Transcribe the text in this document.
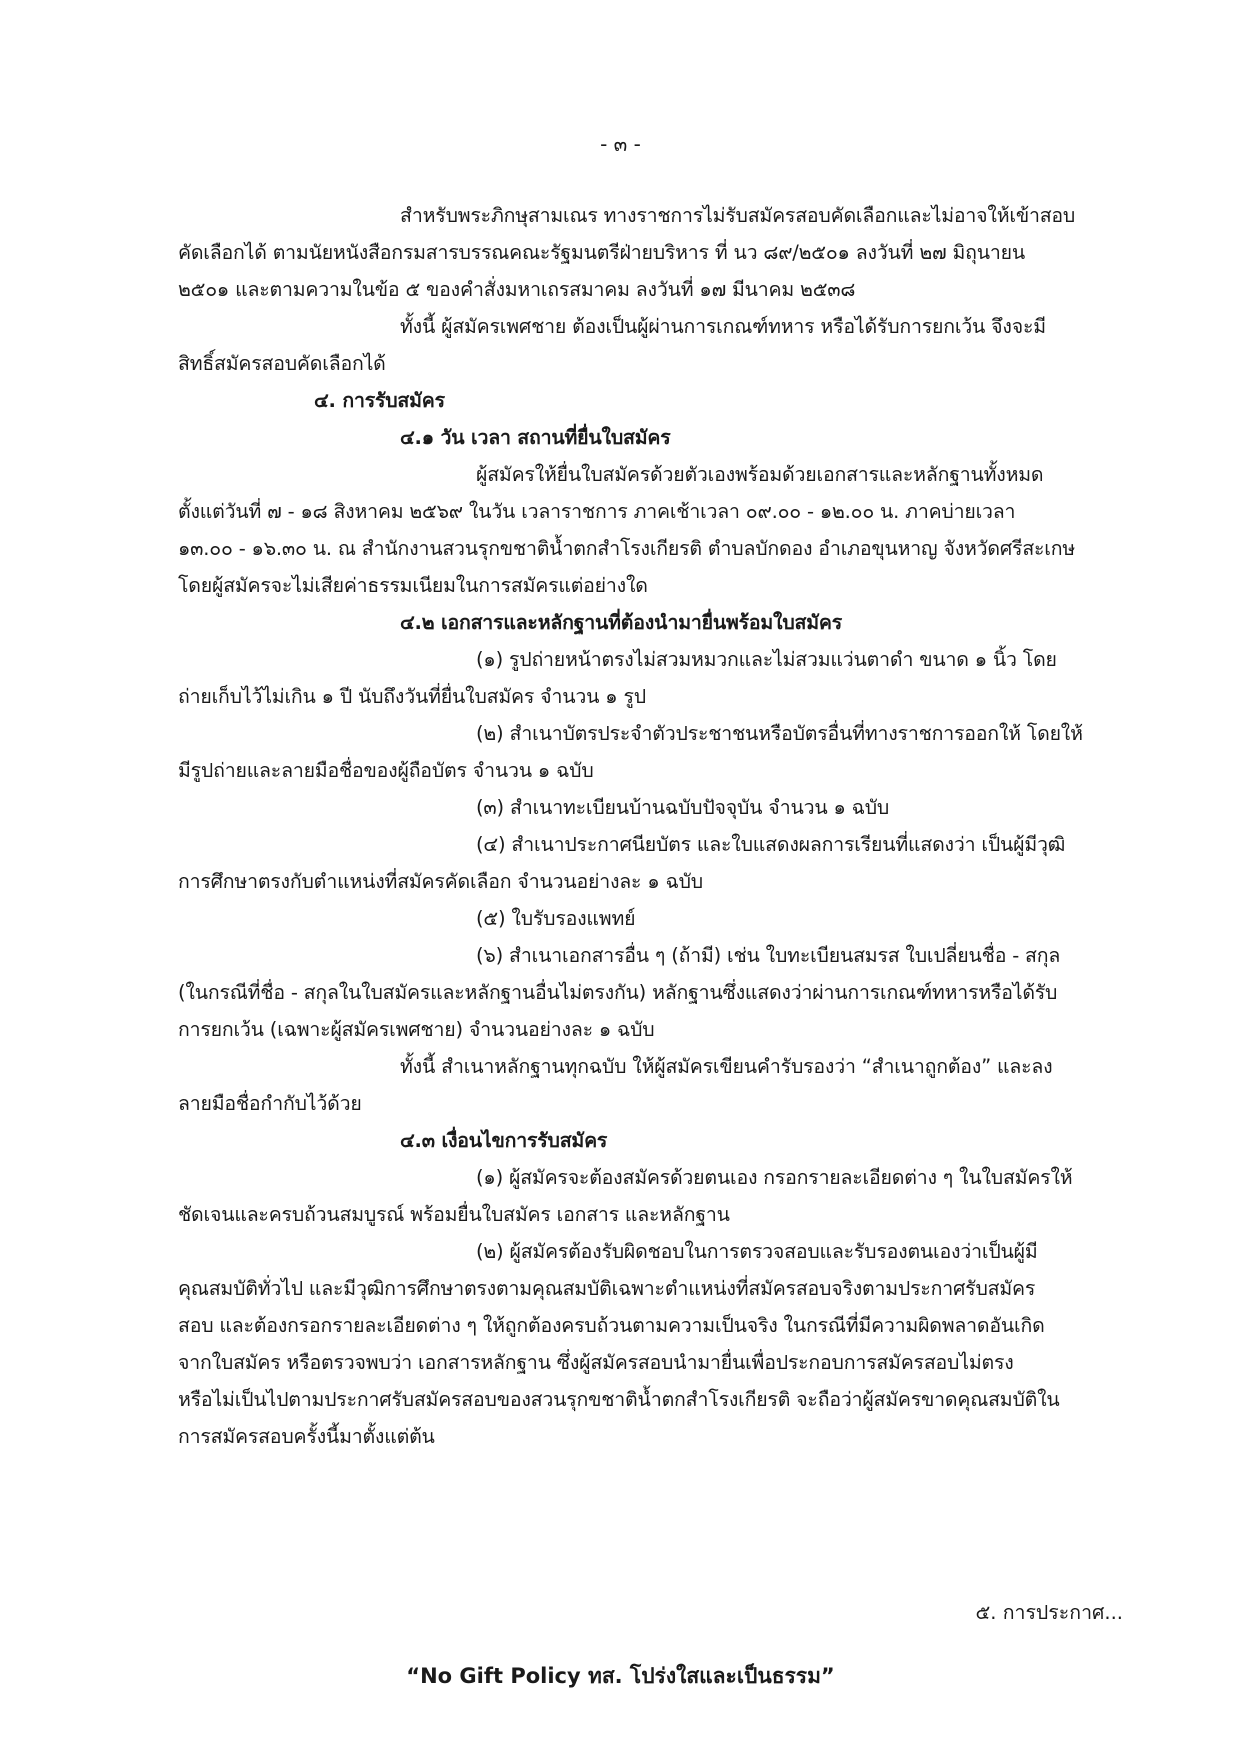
- ๓ -

สำหรับพระภิกษุสามเณร ทางราชการไม่รับสมัครสอบคัดเลือกและไม่อาจให้เข้าสอบ

คัดเลือกได้ ตามนัยหนังสือกรมสารบรรณคณะรัฐมนตรีฝ่ายบริหาร ที่ นว ๘๙/๒๕๐๑ ลงวันที่ ๒๗ มิถุนายน

๒๕๐๑ และตามความในข้อ ๕ ของคำสั่งมหาเถรสมาคม ลงวันที่ ๑๗ มีนาคม ๒๕๓๘

ทั้งนี้ ผู้สมัครเพศชาย ต้องเป็นผู้ผ่านการเกณฑ์ทหาร หรือได้รับการยกเว้น จึงจะมี

สิทธิ์สมัครสอบคัดเลือกได้

๔. การรับสมัคร

๔.๑ วัน เวลา สถานที่ยื่นใบสมัคร

ผู้สมัครให้ยื่นใบสมัครด้วยตัวเองพร้อมด้วยเอกสารและหลักฐานทั้งหมด

ตั้งแต่วันที่ ๗ - ๑๘ สิงหาคม ๒๕๖๙ ในวัน เวลาราชการ ภาคเช้าเวลา ๐๙.๐๐ - ๑๒.๐๐ น. ภาคบ่ายเวลา

๑๓.๐๐ - ๑๖.๓๐ น. ณ สำนักงานสวนรุกขชาติน้ำตกสำโรงเกียรติ ตำบลบักดอง อำเภอขุนหาญ จังหวัดศรีสะเกษ

โดยผู้สมัครจะไม่เสียค่าธรรมเนียมในการสมัครแต่อย่างใด

๔.๒ เอกสารและหลักฐานที่ต้องนำมายื่นพร้อมใบสมัคร

(๑) รูปถ่ายหน้าตรงไม่สวมหมวกและไม่สวมแว่นตาดำ ขนาด ๑ นิ้ว โดย

ถ่ายเก็บไว้ไม่เกิน ๑ ปี นับถึงวันที่ยื่นใบสมัคร จำนวน ๑ รูป

(๒) สำเนาบัตรประจำตัวประชาชนหรือบัตรอื่นที่ทางราชการออกให้ โดยให้

มีรูปถ่ายและลายมือชื่อของผู้ถือบัตร จำนวน ๑ ฉบับ

(๓) สำเนาทะเบียนบ้านฉบับปัจจุบัน จำนวน ๑ ฉบับ

(๔) สำเนาประกาศนียบัตร และใบแสดงผลการเรียนที่แสดงว่า เป็นผู้มีวุฒิ

การศึกษาตรงกับตำแหน่งที่สมัครคัดเลือก จำนวนอย่างละ ๑ ฉบับ

(๕) ใบรับรองแพทย์

(๖) สำเนาเอกสารอื่น ๆ (ถ้ามี) เช่น ใบทะเบียนสมรส ใบเปลี่ยนชื่อ - สกุล

(ในกรณีที่ชื่อ - สกุลในใบสมัครและหลักฐานอื่นไม่ตรงกัน) หลักฐานซึ่งแสดงว่าผ่านการเกณฑ์ทหารหรือได้รับ

การยกเว้น (เฉพาะผู้สมัครเพศชาย) จำนวนอย่างละ ๑ ฉบับ

ทั้งนี้ สำเนาหลักฐานทุกฉบับ ให้ผู้สมัครเขียนคำรับรองว่า “สำเนาถูกต้อง” และลง

ลายมือชื่อกำกับไว้ด้วย

๔.๓ เงื่อนไขการรับสมัคร

(๑) ผู้สมัครจะต้องสมัครด้วยตนเอง กรอกรายละเอียดต่าง ๆ ในใบสมัครให้

ชัดเจนและครบถ้วนสมบูรณ์ พร้อมยื่นใบสมัคร เอกสาร และหลักฐาน

(๒) ผู้สมัครต้องรับผิดชอบในการตรวจสอบและรับรองตนเองว่าเป็นผู้มี

คุณสมบัติทั่วไป และมีวุฒิการศึกษาตรงตามคุณสมบัติเฉพาะตำแหน่งที่สมัครสอบจริงตามประกาศรับสมัคร

สอบ และต้องกรอกรายละเอียดต่าง ๆ ให้ถูกต้องครบถ้วนตามความเป็นจริง ในกรณีที่มีความผิดพลาดอันเกิด

จากใบสมัคร หรือตรวจพบว่า เอกสารหลักฐาน ซึ่งผู้สมัครสอบนำมายื่นเพื่อประกอบการสมัครสอบไม่ตรง

หรือไม่เป็นไปตามประกาศรับสมัครสอบของสวนรุกขชาติน้ำตกสำโรงเกียรติ จะถือว่าผู้สมัครขาดคุณสมบัติใน

การสมัครสอบครั้งนี้มาตั้งแต่ต้น

๕. การประกาศ...
“No Gift Policy ทส. โปร่งใสและเป็นธรรม”
